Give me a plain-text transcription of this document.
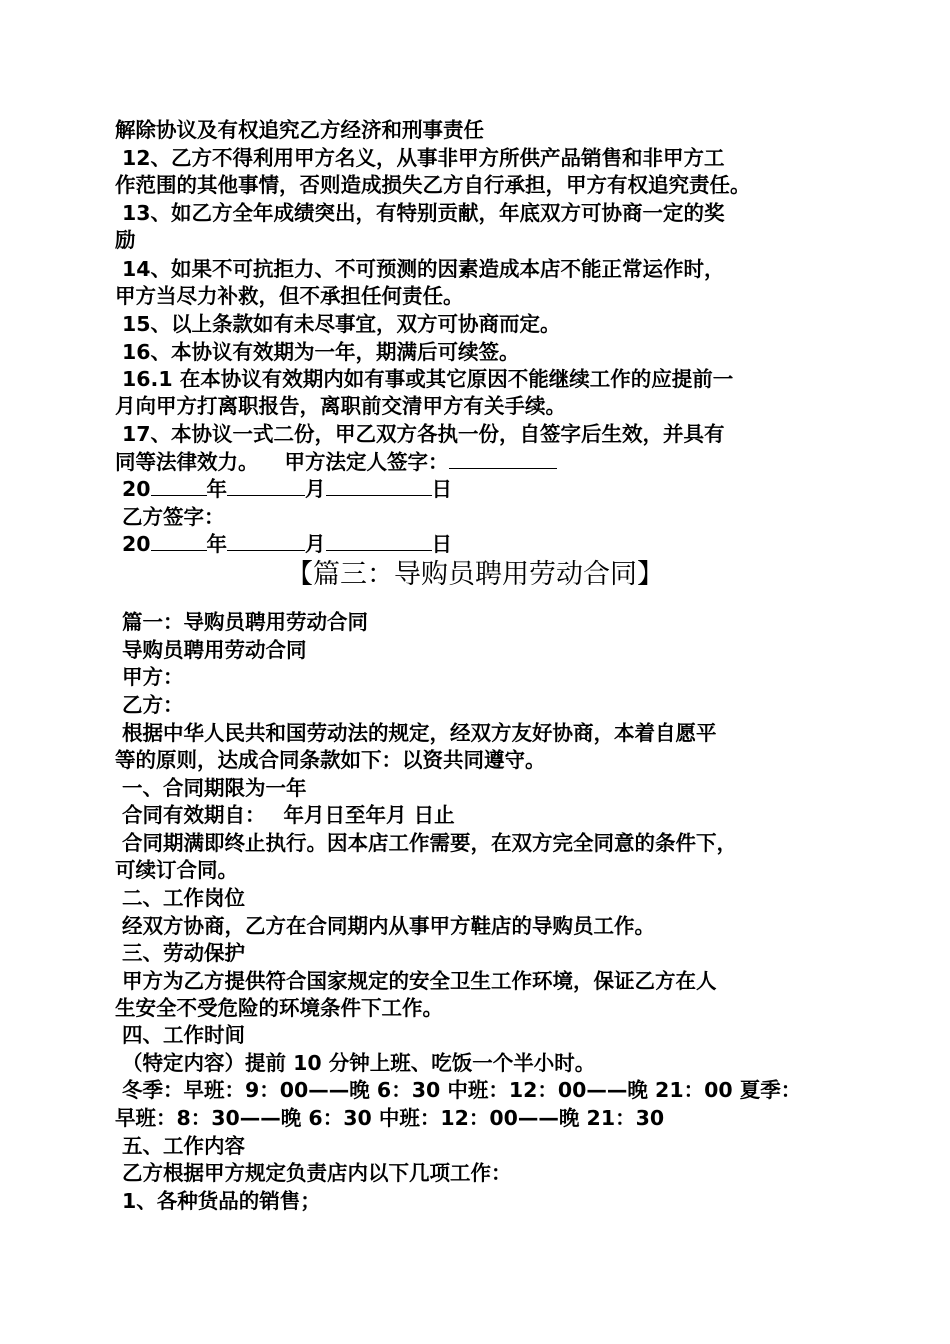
解除协议及有权追究乙方经济和刑事责任
12、乙方不得利用甲方名义，从事非甲方所供产品销售和非甲方工
作范围的其他事情，否则造成损失乙方自行承担，甲方有权追究责任。
13、如乙方全年成绩突出，有特别贡献，年底双方可协商一定的奖
励
14、如果不可抗拒力、不可预测的因素造成本店不能正常运作时，
甲方当尽力补救，但不承担任何责任。
15、以上条款如有未尽事宜，双方可协商而定。
16、本协议有效期为一年，期满后可续签。
16.1 在本协议有效期内如有事或其它原因不能继续工作的应提前一
月向甲方打离职报告，离职前交清甲方有关手续。
17、本协议一式二份，甲乙双方各执一份，自签字后生效，并具有
同等法律效力。 甲方法定人签字：
20	年	月	日
乙方签字：
20	年	月	日
【篇三：导购员聘用劳动合同】
篇一：导购员聘用劳动合同
导购员聘用劳动合同
甲方：
乙方：
根据中华人民共和国劳动法的规定，经双方友好协商，本着自愿平
等的原则，达成合同条款如下：以资共同遵守。
一、合同期限为一年
合同有效期自： 年月日至年月 日止
合同期满即终止执行。因本店工作需要，在双方完全同意的条件下，
可续订合同。
二、工作岗位
经双方协商，乙方在合同期内从事甲方鞋店的导购员工作。
三、劳动保护
甲方为乙方提供符合国家规定的安全卫生工作环境，保证乙方在人
生安全不受危险的环境条件下工作。
四、工作时间
（特定内容）提前 10 分钟上班、吃饭一个半小时。
冬季：早班：9：00——晚 6：30 中班：12：00——晚 21：00 夏季：
早班：8：30——晚 6：30 中班：12：00——晚 21：30
五、工作内容
乙方根据甲方规定负责店内以下几项工作：
1、各种货品的销售；
